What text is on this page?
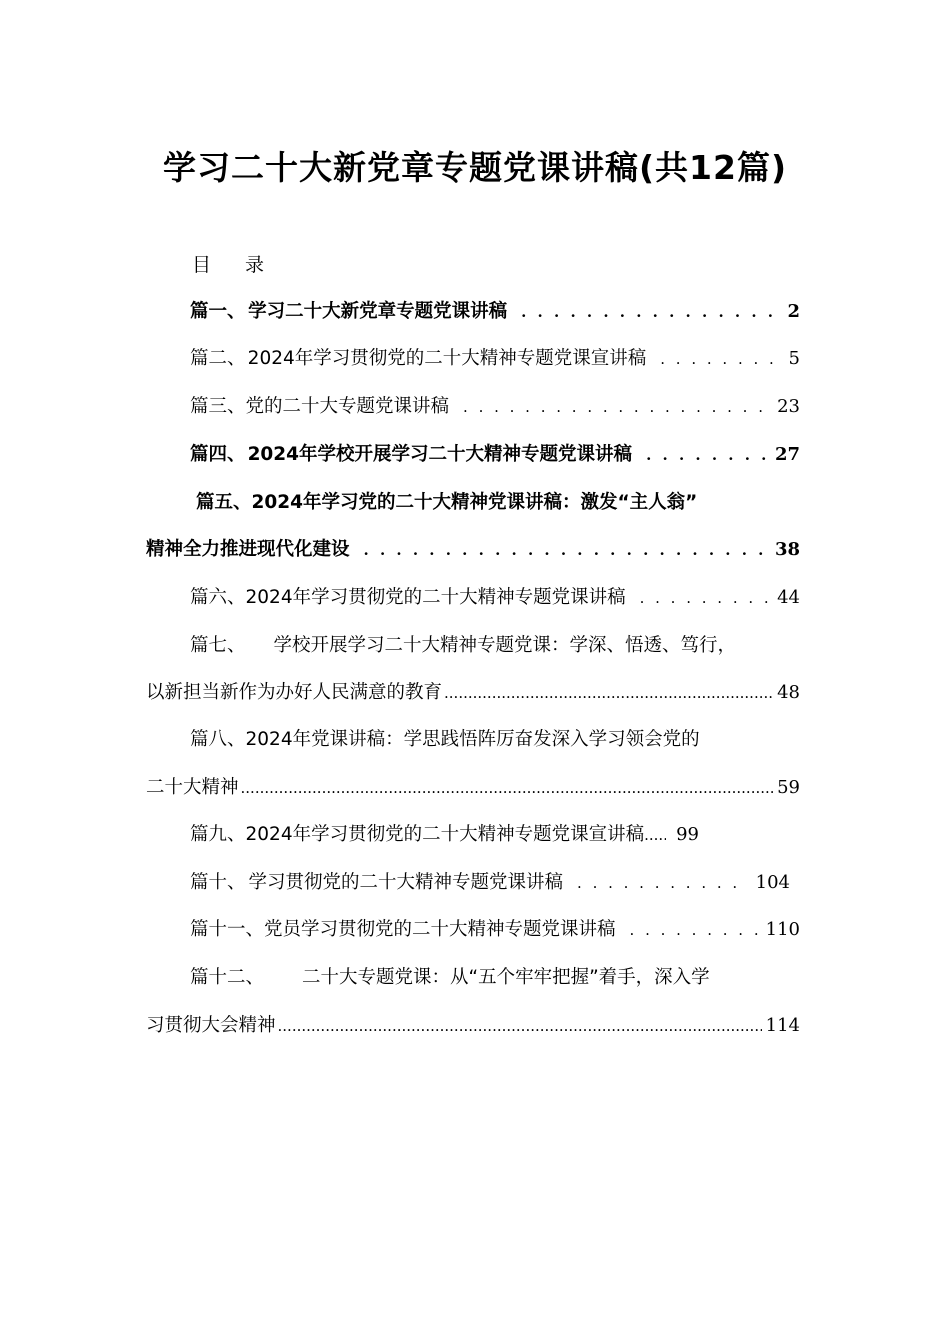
学习二十大新党章专题党课讲稿(共12篇)
目 录
篇一、 学习二十大新党章专题党课讲稿 . . .	2
篇二、 2024年学习贯彻党的二十大精神专题党课宣讲稿 . . .	5
篇三、 党的二十大专题党课讲稿 . . .	23
篇四、 2024年学校开展学习二十大精神专题党课讲稿 . . .	27
篇五、 2024年学习党的二十大精神党课讲稿：激发“主人翁”
精神全力推进现代化建设 . . .	38
篇六、 2024年学习贯彻党的二十大精神专题党课讲稿 . . .	44
篇七、 学校开展学习二十大精神专题党课：学深、悟透、笃行，
以新担当新作为办好人民满意的教育 .....	48
篇八、 2024年党课讲稿：学思践悟阵厉奋发深入学习领会党的
二十大精神 .....	59
篇九、 2024年学习贯彻党的二十大精神专题党课宣讲稿 ..... 99
篇十、 学习贯彻党的二十大精神专题党课讲稿 . . .	104
篇十一、 党员学习贯彻党的二十大精神专题党课讲稿 . . .	110
篇十二、 二十大专题党课：从“五个牢牢把握”着手，深入学
习贯彻大会精神 .....	114
